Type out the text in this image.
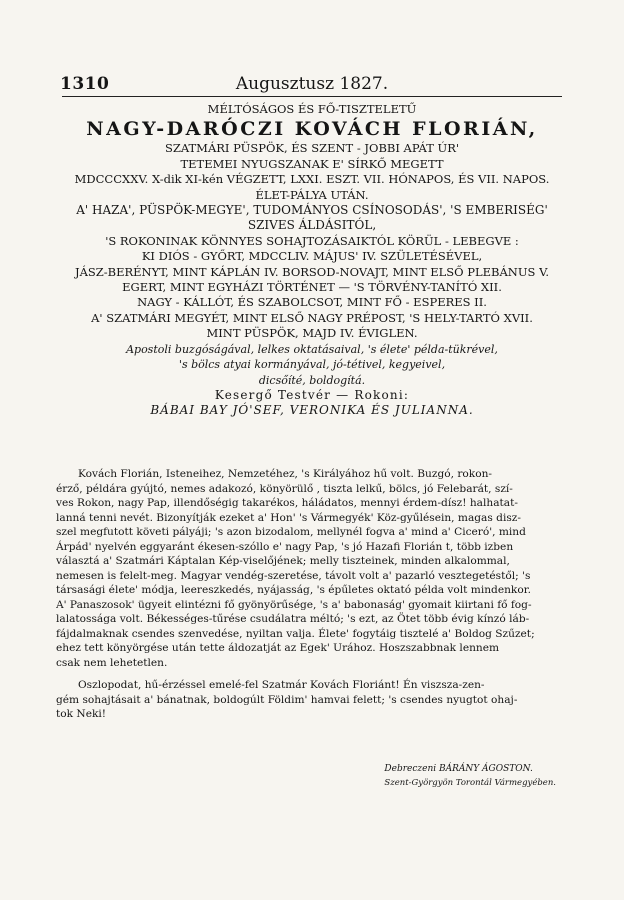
1310	Augusztusz 1827.
MÉLTÓSÁGOS ÉS FŐ-TISZTELETŰ
NAGY-DARÓCZI KOVÁCH FLORIÁN,
SZATMÁRI PÜSPÖK, ÉS SZENT - JOBBI APÁT ÚR'
TETEMEI NYUGSZANAK E' SÍRKŐ MEGETT
MDCCCXXV. X-dik XI-kén VÉGZETT, LXXI. ESZT. VII. HÓNAPOS, ÉS VII. NAPOS.
ÉLET-PÁLYA UTÁN.
A' HAZA', PÜSPÖK-MEGYE', TUDOMÁNYOS CSÍNOSODÁS', 'S EMBERISÉG'
SZIVES ÁLDÁSITÓL,
'S ROKONINAK KÖNNYES SOHAJTOZÁSAIKTÓL KÖRÜL - LEBEGVE :
KI DIÓS - GYŐRT, MDCCLIV. MÁJUS' IV. SZÜLETÉSÉVEL,
JÁSZ-BERÉNYT, MINT KÁPLÁN IV. BORSOD-NOVAJT, MINT ELSŐ PLEBÁNUS V.
EGERT, MINT EGYHÁZI TÖRTÉNET — 'S TÖRVÉNY-TANÍTÓ XII.
NAGY - KÁLLÓT, ÉS SZABOLCSOT, MINT FŐ - ESPERES II.
A' SZATMÁRI MEGYÉT, MINT ELSŐ NAGY PRÉPOST, 'S HELY-TARTÓ XVII.
MINT PÜSPÖK, MAJD IV. ÉVIGLEN.
Apostoli buzgóságával, lelkes oktatásaival, 's élete' példa-tükrével,
's bölcs atyai kormányával, jó-tétivel, kegyeivel,
dicsőíté, boldogítá.
Kesergő Testvér — Rokoni:
BÁBAI BAY JÓ'SEF, VERONIKA ÉS JULIANNA.

Kovách Florián, Isteneihez, Nemzetéhez, 's Királyához hű volt. Buzgó, rokon-
érző, példára gyújtó, nemes adakozó, könyörülő , tiszta lelkű, bölcs, jó Felebarát, szí-
ves Rokon, nagy Pap, illendőségig takarékos, háládatos, mennyi érdem-dísz! halhatat-
lanná tenni nevét. Bizonyítják ezeket a' Hon' 's Vármegyék' Köz-gyűlésein, magas disz-
szel megfutott követi pályáji; 's azon bizodalom, mellynél fogva a' mind a' Ciceró', mind
Árpád' nyelvén eggyaránt ékesen-szóllo e' nagy Pap, 's jó Hazafi Florián t, több izben
választá a' Szatmári Káptalan Kép-viselőjének; melly tiszteinek, minden alkalommal,
nemesen is felelt-meg. Magyar vendég-szeretése, távolt volt a' pazarló vesztegetéstől; 's
társasági élete' módja, leereszkedés, nyájasság, 's épűletes oktató példa volt mindenkor.
A' Panaszosok' ügyeit elintézni fő gyönyörűsége, 's a' babonaság' gyomait kiirtani fő fog-
lalatossága volt. Békességes-tűrése csudálatra méltó; 's ezt, az Ötet több évig kínzó láb-
fájdalmaknak csendes szenvedése, nyiltan valja. Élete' fogytáig tisztelé a' Boldog Szűzet;
ehez tett könyörgése után tette áldozatját az Egek' Urához. Hoszszabbnak lennem
csak nem lehetetlen.

Oszlopodat, hű-érzéssel emelé-fel Szatmár Kovách Floriánt! Én viszsza-zen-
gém sohajtásait a' bánatnak, boldogúlt Földim' hamvai felett; 's csendes nyugtot ohaj-
tok Neki!

Debreczeni BÁRÁNY ÁGOSTON.
Szent-Györgyön Torontál Vármegyében.
